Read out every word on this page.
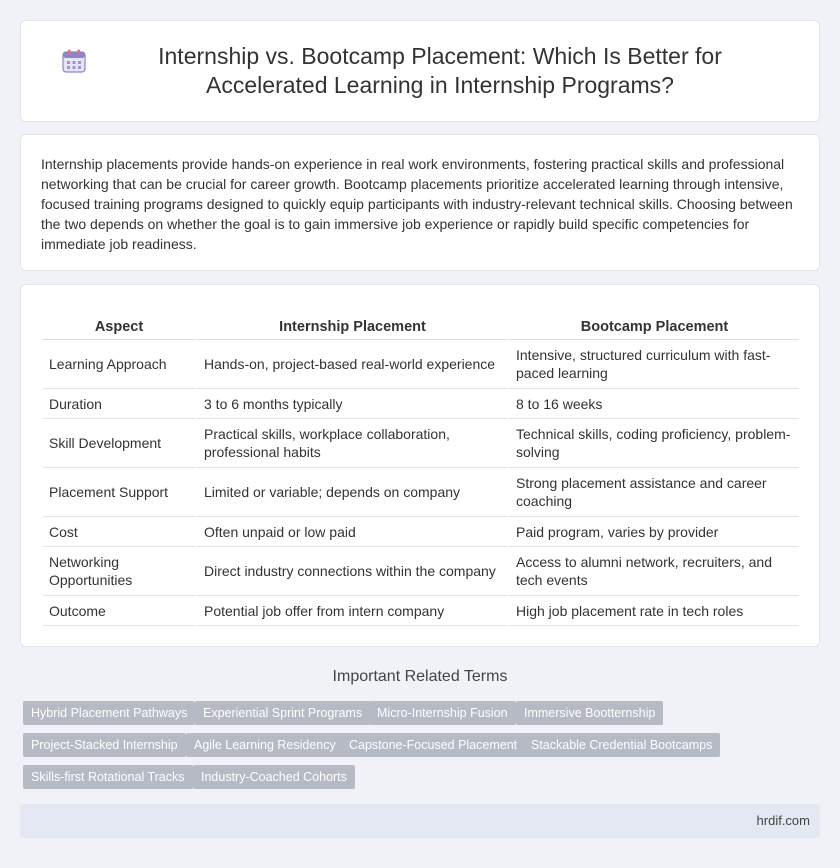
Internship vs. Bootcamp Placement: Which Is Better for Accelerated Learning in Internship Programs?

Internship placements provide hands-on experience in real work environments, fostering practical skills and professional networking that can be crucial for career growth. Bootcamp placements prioritize accelerated learning through intensive, focused training programs designed to quickly equip participants with industry-relevant technical skills. Choosing between the two depends on whether the goal is to gain immersive job experience or rapidly build specific competencies for immediate job readiness.

Aspect	Internship Placement	Bootcamp Placement
Learning Approach	Hands-on, project-based real-world experience	Intensive, structured curriculum with fast-paced learning
Duration	3 to 6 months typically	8 to 16 weeks
Skill Development	Practical skills, workplace collaboration, professional habits	Technical skills, coding proficiency, problem-solving
Placement Support	Limited or variable; depends on company	Strong placement assistance and career coaching
Cost	Often unpaid or low paid	Paid program, varies by provider
Networking Opportunities	Direct industry connections within the company	Access to alumni network, recruiters, and tech events
Outcome	Potential job offer from intern company	High job placement rate in tech roles
Important Related Terms
Hybrid Placement Pathways	Experiential Sprint Programs	Micro-Internship Fusion	Immersive Bootternship
Project-Stacked Internship	Agile Learning Residency	Capstone-Focused Placement	Stackable Credential Bootcamps
Skills-first Rotational Tracks	Industry-Coached Cohorts
hrdif.com
